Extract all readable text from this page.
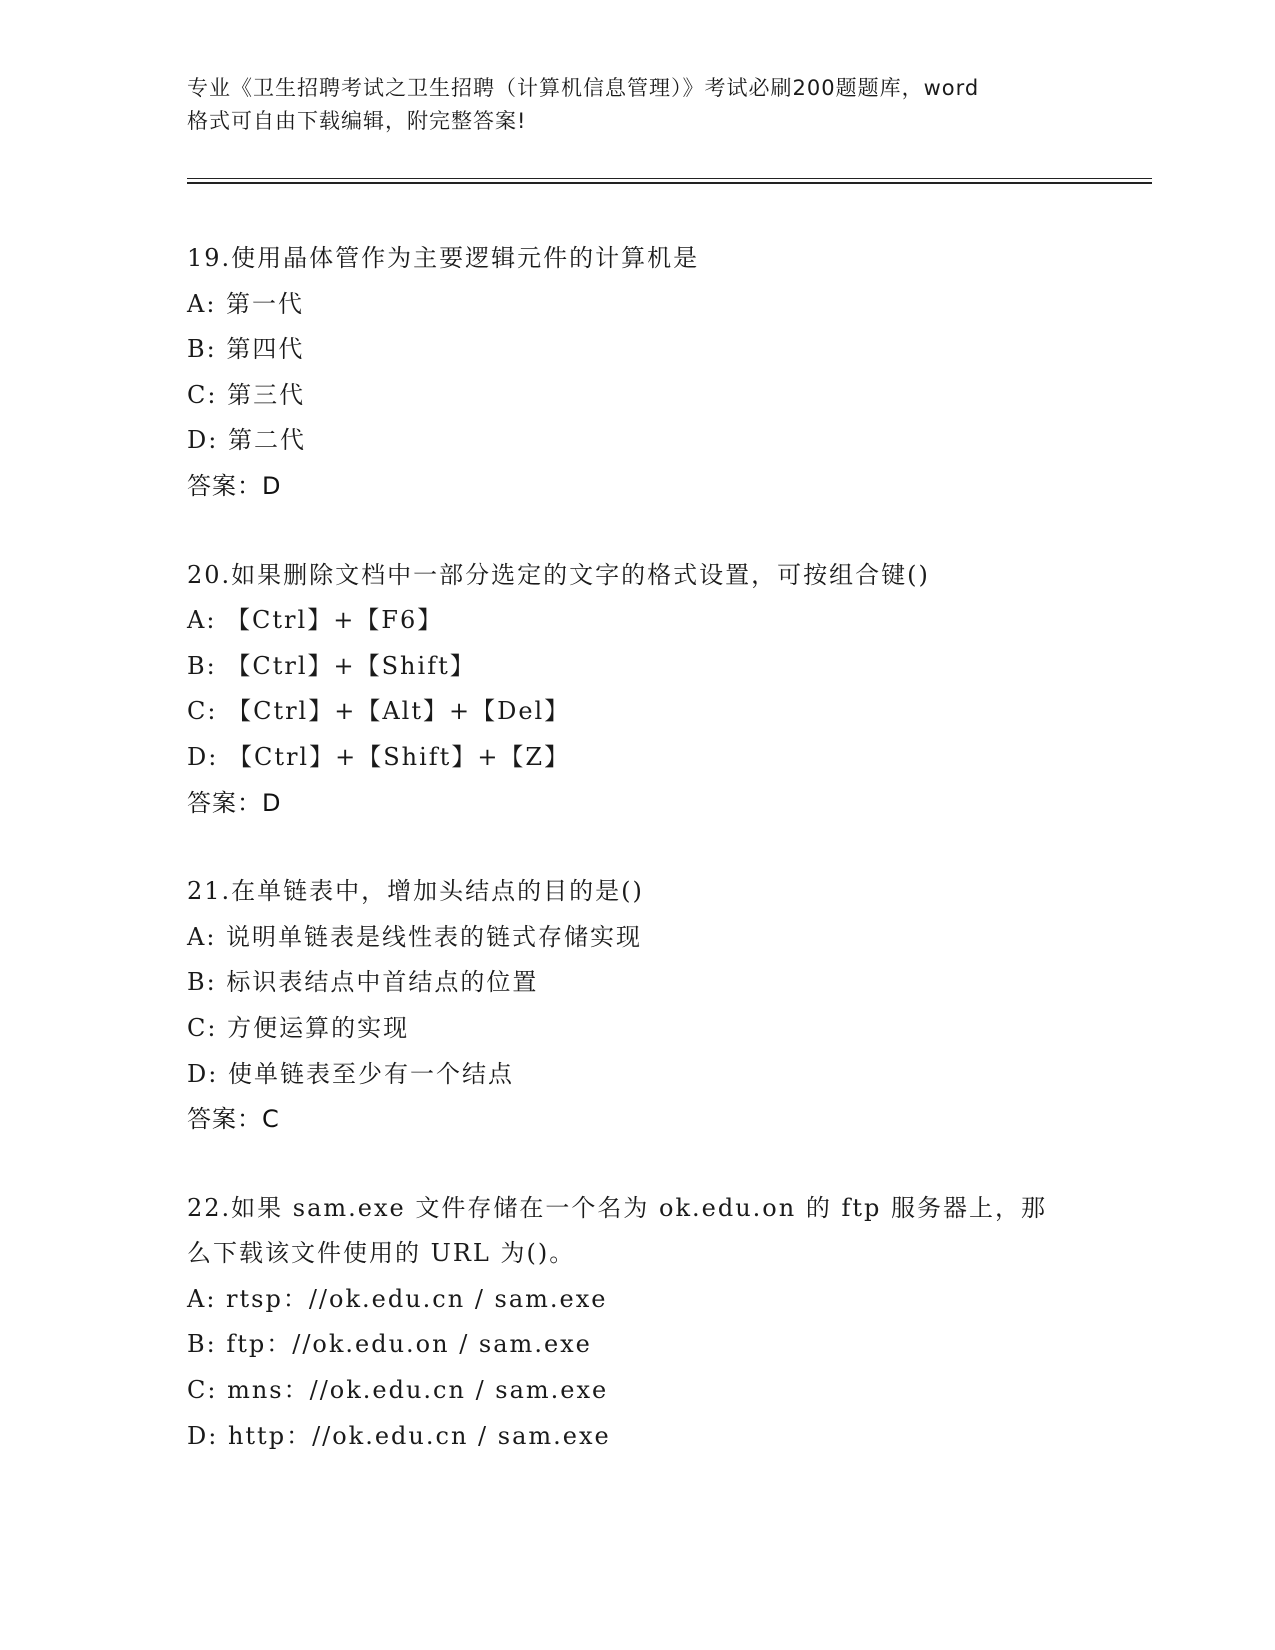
专业《卫生招聘考试之卫生招聘（计算机信息管理）》考试必刷200题题库，word
格式可自由下载编辑，附完整答案!
19.使用晶体管作为主要逻辑元件的计算机是
A: 第一代
B: 第四代
C: 第三代
D: 第二代
答案：D
20.如果删除文档中一部分选定的文字的格式设置，可按组合键()
A: 【Ctrl】+【F6】
B: 【Ctrl】+【Shift】
C: 【Ctrl】+【Alt】+【Del】
D: 【Ctrl】+【Shift】+【Z】
答案：D
21.在单链表中，增加头结点的目的是()
A: 说明单链表是线性表的链式存储实现
B: 标识表结点中首结点的位置
C: 方便运算的实现
D: 使单链表至少有一个结点
答案：C
22.如果 sam.exe 文件存储在一个名为 ok.edu.on 的 ftp 服务器上，那
么下载该文件使用的 URL 为()。
A: rtsp：//ok.edu.cn / sam.exe
B: ftp：//ok.edu.on / sam.exe
C: mns：//ok.edu.cn / sam.exe
D: http：//ok.edu.cn / sam.exe
